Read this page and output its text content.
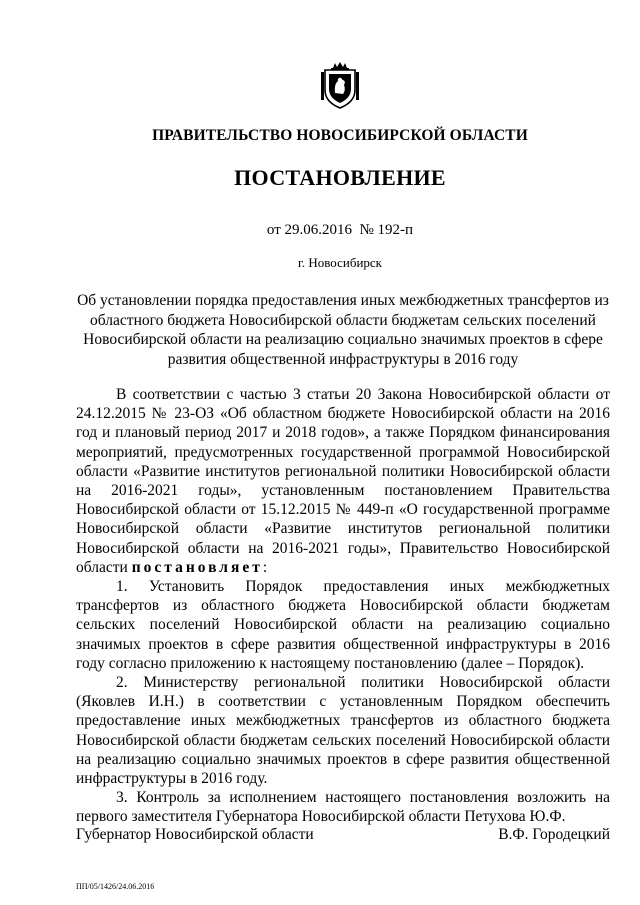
ПРАВИТЕЛЬСТВО НОВОСИБИРСКОЙ ОБЛАСТИ
ПОСТАНОВЛЕНИЕ
от 29.06.2016  № 192-п
г. Новосибирск
Об установлении порядка предоставления иных межбюджетных трансфертов из областного бюджета Новосибирской области бюджетам сельских поселений Новосибирской области на реализацию социально значимых проектов в сфере развития общественной инфраструктуры в 2016 году

В соответствии с частью 3 статьи 20 Закона Новосибирской области от 24.12.2015 № 23-ОЗ «Об областном бюджете Новосибирской области на 2016 год и плановый период 2017 и 2018 годов», а также Порядком финансирования мероприятий, предусмотренных государственной программой Новосибирской области «Развитие институтов региональной политики Новосибирской области на 2016-2021 годы», установленным постановлением Правительства Новосибирской области от 15.12.2015 № 449-п «О государственной программе Новосибирской области «Развитие институтов региональной политики Новосибирской области на 2016-2021 годы», Правительство Новосибирской области постановляет:

1. Установить Порядок предоставления иных межбюджетных трансфертов из областного бюджета Новосибирской области бюджетам сельских поселений Новосибирской области на реализацию социально значимых проектов в сфере развития общественной инфраструктуры в 2016 году согласно приложению к настоящему постановлению (далее – Порядок).

2. Министерству региональной политики Новосибирской области (Яковлев И.Н.) в соответствии с установленным Порядком обеспечить предоставление иных межбюджетных трансфертов из областного бюджета Новосибирской области бюджетам сельских поселений Новосибирской области на реализацию социально значимых проектов в сфере развития общественной инфраструктуры в 2016 году.

3. Контроль за исполнением настоящего постановления возложить на первого заместителя Губернатора Новосибирской области Петухова Ю.Ф.

Губернатор Новосибирской области	В.Ф. Городецкий
ПП/05/1426/24.06.2016
